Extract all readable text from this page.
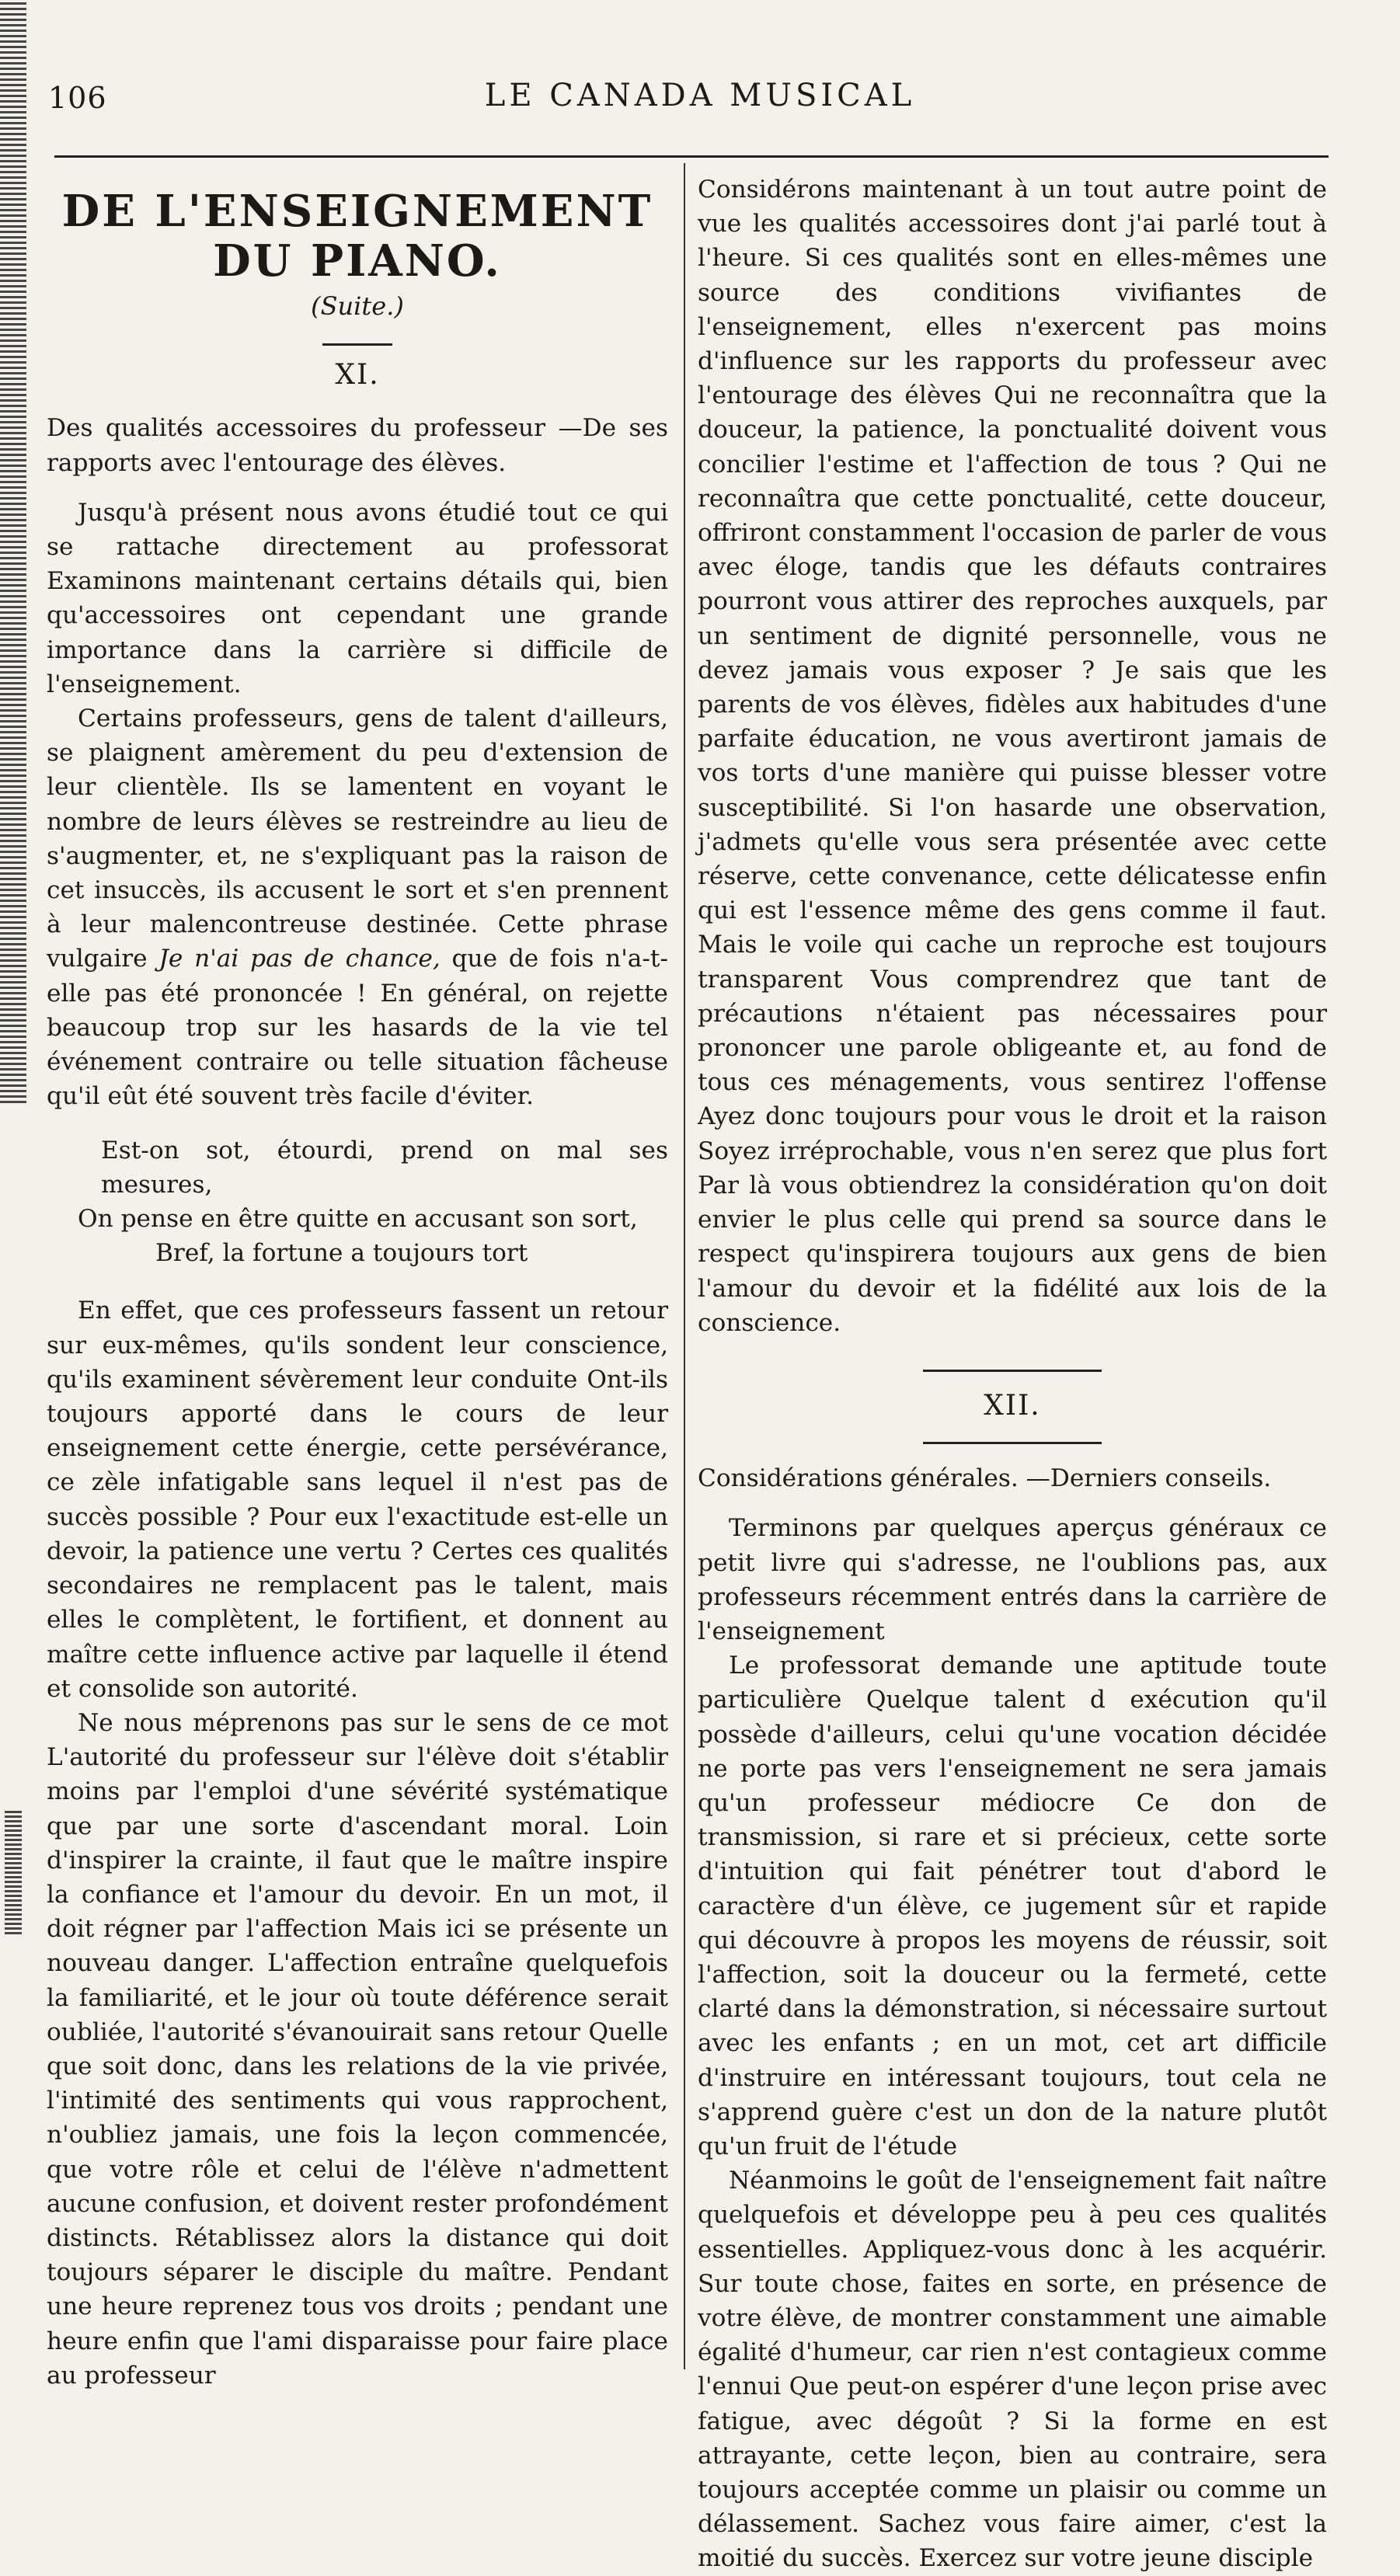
106	LE CANADA MUSICAL
DE L'ENSEIGNEMENT DU PIANO.
(Suite.)
XI.

Des qualités accessoires du professeur —De ses rapports avec l'entourage des élèves.

Jusqu'à présent nous avons étudié tout ce qui se rattache directement au professorat Examinons maintenant certains détails qui, bien qu'accessoires ont cependant une grande importance dans la carrière si difficile de l'enseignement.

Certains professeurs, gens de talent d'ailleurs, se plaignent amèrement du peu d'extension de leur clientèle. Ils se lamentent en voyant le nombre de leurs élèves se restreindre au lieu de s'augmenter, et, ne s'expliquant pas la raison de cet insuccès, ils accusent le sort et s'en prennent à leur malencontreuse destinée. Cette phrase vulgaire Je n'ai pas de chance, que de fois n'a-t-elle pas été prononcée ! En général, on rejette beaucoup trop sur les hasards de la vie tel événement contraire ou telle situation fâcheuse qu'il eût été souvent très facile d'éviter.

Est-on sot, étourdi, prend on mal ses mesures,
On pense en être quitte en accusant son sort,
Bref, la fortune a toujours tort

En effet, que ces professeurs fassent un retour sur eux-mêmes, qu'ils sondent leur conscience, qu'ils examinent sévèrement leur conduite Ont-ils toujours apporté dans le cours de leur enseignement cette énergie, cette persévérance, ce zèle infatigable sans lequel il n'est pas de succès possible ? Pour eux l'exactitude est-elle un devoir, la patience une vertu ? Certes ces qualités secondaires ne remplacent pas le talent, mais elles le complètent, le fortifient, et donnent au maître cette influence active par laquelle il étend et consolide son autorité.

Ne nous méprenons pas sur le sens de ce mot L'autorité du professeur sur l'élève doit s'établir moins par l'emploi d'une sévérité systématique que par une sorte d'ascendant moral. Loin d'inspirer la crainte, il faut que le maître inspire la confiance et l'amour du devoir. En un mot, il doit régner par l'affection Mais ici se présente un nouveau danger. L'affection entraîne quelquefois la familiarité, et le jour où toute déférence serait oubliée, l'autorité s'évanouirait sans retour Quelle que soit donc, dans les relations de la vie privée, l'intimité des sentiments qui vous rapprochent, n'oubliez jamais, une fois la leçon commencée, que votre rôle et celui de l'élève n'admettent aucune confusion, et doivent rester profondément distincts. Rétablissez alors la distance qui doit toujours séparer le disciple du maître. Pendant une heure reprenez tous vos droits ; pendant une heure enfin que l'ami disparaisse pour faire place au professeur

Considérons maintenant à un tout autre point de vue les qualités accessoires dont j'ai parlé tout à l'heure. Si ces qualités sont en elles-mêmes une source des conditions vivifiantes de l'enseignement, elles n'exercent pas moins d'influence sur les rapports du professeur avec l'entourage des élèves Qui ne reconnaîtra que la douceur, la patience, la ponctualité doivent vous concilier l'estime et l'affection de tous ? Qui ne reconnaîtra que cette ponctualité, cette douceur, offriront constamment l'occasion de parler de vous avec éloge, tandis que les défauts contraires pourront vous attirer des reproches auxquels, par un sentiment de dignité personnelle, vous ne devez jamais vous exposer ? Je sais que les parents de vos élèves, fidèles aux habitudes d'une parfaite éducation, ne vous avertiront jamais de vos torts d'une manière qui puisse blesser votre susceptibilité. Si l'on hasarde une observation, j'admets qu'elle vous sera présentée avec cette réserve, cette convenance, cette délicatesse enfin qui est l'essence même des gens comme il faut. Mais le voile qui cache un reproche est toujours transparent Vous comprendrez que tant de précautions n'étaient pas nécessaires pour prononcer une parole obligeante et, au fond de tous ces ménagements, vous sentirez l'offense Ayez donc toujours pour vous le droit et la raison Soyez irréprochable, vous n'en serez que plus fort Par là vous obtiendrez la considération qu'on doit envier le plus celle qui prend sa source dans le respect qu'inspirera toujours aux gens de bien l'amour du devoir et la fidélité aux lois de la conscience.

XII.

Considérations générales. —Derniers conseils.

Terminons par quelques aperçus généraux ce petit livre qui s'adresse, ne l'oublions pas, aux professeurs récemment entrés dans la carrière de l'enseignement

Le professorat demande une aptitude toute particulière Quelque talent d exécution qu'il possède d'ailleurs, celui qu'une vocation décidée ne porte pas vers l'enseignement ne sera jamais qu'un professeur médiocre Ce don de transmission, si rare et si précieux, cette sorte d'intuition qui fait pénétrer tout d'abord le caractère d'un élève, ce jugement sûr et rapide qui découvre à propos les moyens de réussir, soit l'affection, soit la douceur ou la fermeté, cette clarté dans la démonstration, si nécessaire surtout avec les enfants ; en un mot, cet art difficile d'instruire en intéressant toujours, tout cela ne s'apprend guère c'est un don de la nature plutôt qu'un fruit de l'étude

Néanmoins le goût de l'enseignement fait naître quelquefois et développe peu à peu ces qualités essentielles. Appliquez-vous donc à les acquérir. Sur toute chose, faites en sorte, en présence de votre élève, de montrer constamment une aimable égalité d'humeur, car rien n'est contagieux comme l'ennui Que peut-on espérer d'une leçon prise avec fatigue, avec dégoût ? Si la forme en est attrayante, cette leçon, bien au contraire, sera toujours acceptée comme un plaisir ou comme un délassement. Sachez vous faire aimer, c'est la moitié du succès. Exercez sur votre jeune disciple
